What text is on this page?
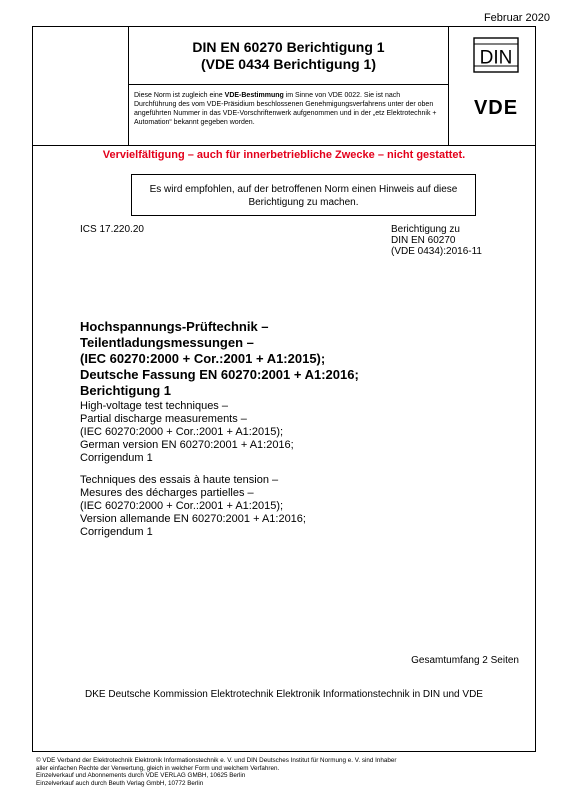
Februar 2020
DIN EN 60270 Berichtigung 1
(VDE 0434 Berichtigung 1)
Diese Norm ist zugleich eine VDE-Bestimmung im Sinne von VDE 0022. Sie ist nach Durchführung des vom VDE-Präsidium beschlossenen Genehmigungsverfahrens unter der oben angeführten Nummer in das VDE-Vorschriftenwerk aufgenommen und in der „etz Elektrotechnik + Automation“ bekannt gegeben worden.
DIN
VDE
Vervielfältigung – auch für innerbetriebliche Zwecke – nicht gestattet.
Es wird empfohlen, auf der betroffenen Norm einen Hinweis auf diese Berichtigung zu machen.
ICS 17.220.20	Berichtigung zu
DIN EN 60270
(VDE 0434):2016-11
Hochspannungs-Prüftechnik –
Teilentladungsmessungen –
(IEC 60270:2000 + Cor.:2001 + A1:2015);
Deutsche Fassung EN 60270:2001 + A1:2016;
Berichtigung 1
High-voltage test techniques –
Partial discharge measurements –
(IEC 60270:2000 + Cor.:2001 + A1:2015);
German version EN 60270:2001 + A1:2016;
Corrigendum 1
Techniques des essais à haute tension –
Mesures des décharges partielles –
(IEC 60270:2000 + Cor.:2001 + A1:2015);
Version allemande EN 60270:2001 + A1:2016;
Corrigendum 1
Gesamtumfang 2 Seiten
DKE Deutsche Kommission Elektrotechnik Elektronik Informationstechnik in DIN und VDE
© VDE Verband der Elektrotechnik Elektronik Informationstechnik e. V. und DIN Deutsches Institut für Normung e. V. sind Inhaber
aller einfachen Rechte der Verwertung, gleich in welcher Form und welchem Verfahren.
Einzelverkauf und Abonnements durch VDE VERLAG GMBH, 10625 Berlin
Einzelverkauf auch durch Beuth Verlag GmbH, 10772 Berlin
